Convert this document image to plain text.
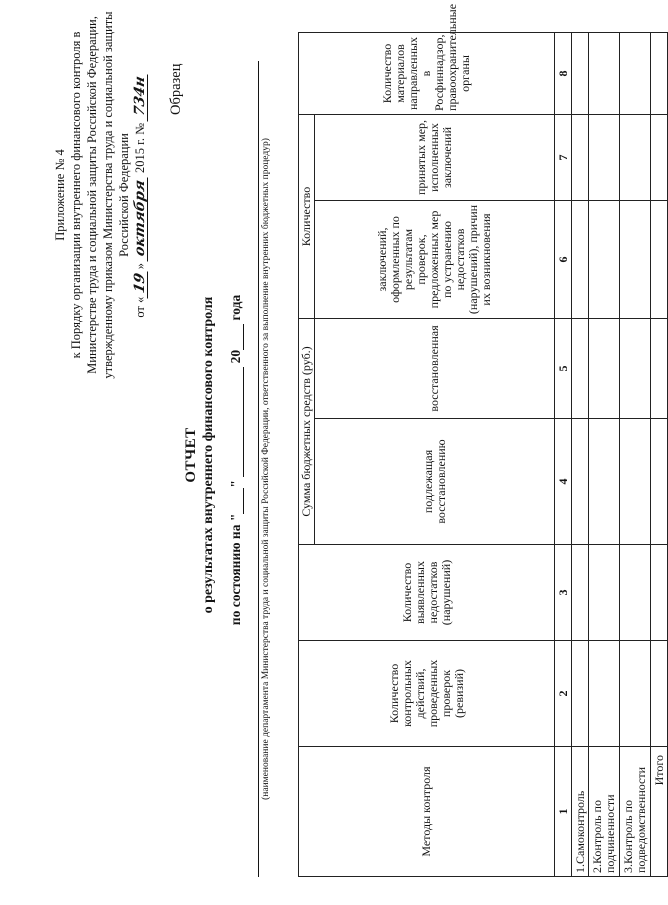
Приложение № 4 к Порядку организации внутреннего финансового контроля в Министерстве труда и социальной защиты Российской Федерации, утвержденному приказом Министерства труда и социальной защиты Российской Федерации
от «19» октября 2015 г. № 734н Образец
ОТЧЕТ о результатах внутреннего финансового контроля по состоянию на ""  20 года (наименование департамента Министерства труда и социальной защиты Российской Федерации, ответственного за выполнение внутренних бюджетных процедур)
Методы контроля	Количество контрольных действий, проведенных проверок (ревизий)	Количество выявленных недостатков (нарушений)	Сумма бюджетных средств (руб.)		Количество		Количество материалов направленных в Росфиннадзор, правоохранительные органы
			подлежащая восстановлению	восстановленная	заключений, оформленных по результатам проверок, предложенных мер по устранению недостатков (нарушений), причин их возникновения	принятых мер, исполненных заключений	
1	2	3	4	5	6	7	8
1.Самоконтроль							
2.Контроль по подчиненности							
3.Контроль по подведомственности							
Итого							
